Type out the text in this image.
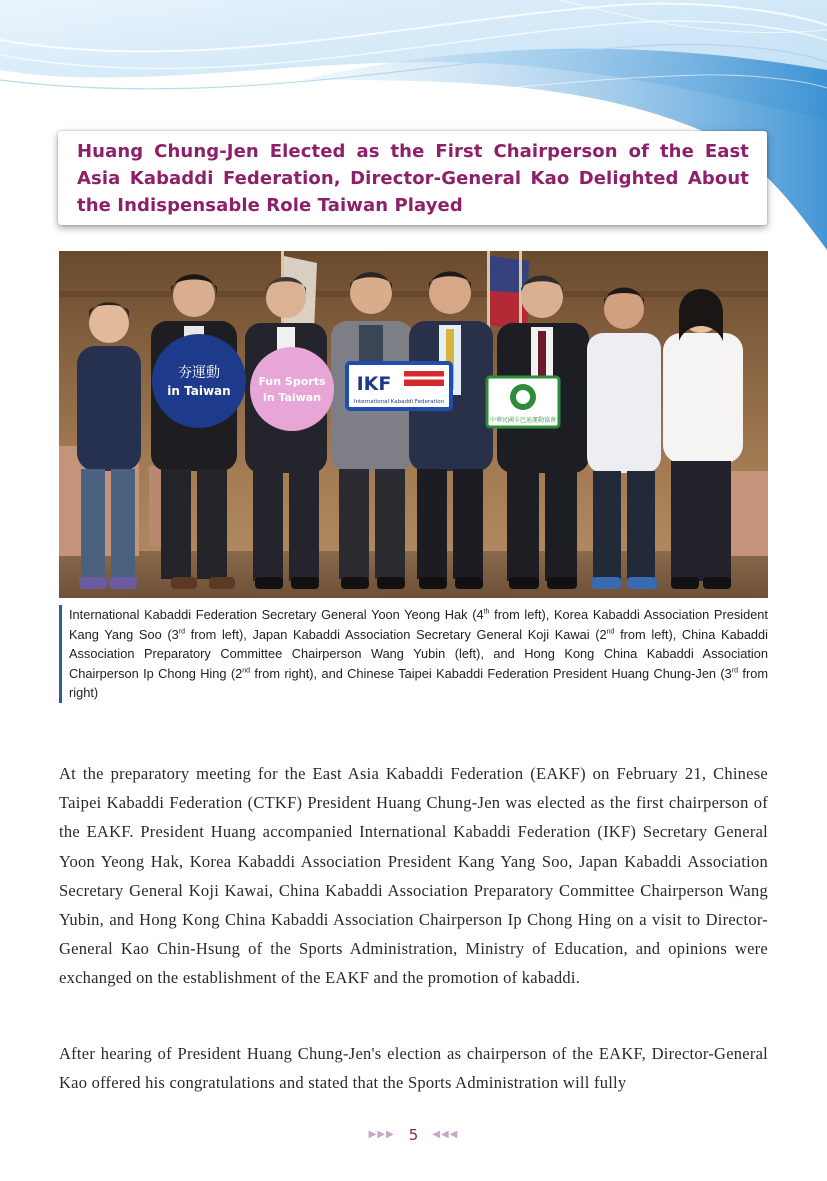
Huang Chung-Jen Elected as the First Chairperson of the East Asia Kabaddi Federation, Director-General Kao Delighted About the Indispensable Role Taiwan Played
夯運動
in Taiwan
Fun Sports
in Taiwan
IKF
International Kabaddi Federation
中華民國卡巴迪運動協會

International Kabaddi Federation Secretary General Yoon Yeong Hak (4th from left), Korea Kabaddi Association President Kang Yang Soo (3rd from left), Japan Kabaddi Association Secretary General Koji Kawai (2nd from left), China Kabaddi Association Preparatory Committee Chairperson Wang Yubin (left), and Hong Kong China Kabaddi Association Chairperson Ip Chong Hing (2nd from right), and Chinese Taipei Kabaddi Federation President Huang Chung-Jen (3rd from right)

At the preparatory meeting for the East Asia Kabaddi Federation (EAKF) on February 21, Chinese Taipei Kabaddi Federation (CTKF) President Huang Chung-Jen was elected as the first chairperson of the EAKF. President Huang accompanied International Kabaddi Federation (IKF) Secretary General Yoon Yeong Hak, Korea Kabaddi Association President Kang Yang Soo, Japan Kabaddi Association Secretary General Koji Kawai, China Kabaddi Association Preparatory Committee Chairperson Wang Yubin, and Hong Kong China Kabaddi Association Chairperson Ip Chong Hing on a visit to Director-General Kao Chin-Hsung of the Sports Administration, Ministry of Education, and opinions were exchanged on the establishment of the EAKF and the promotion of kabaddi.

After hearing of President Huang Chung-Jen's election as chairperson of the EAKF, Director-General Kao offered his congratulations and stated that the Sports Administration will fully

▶▶▶ 5 ◀◀◀
